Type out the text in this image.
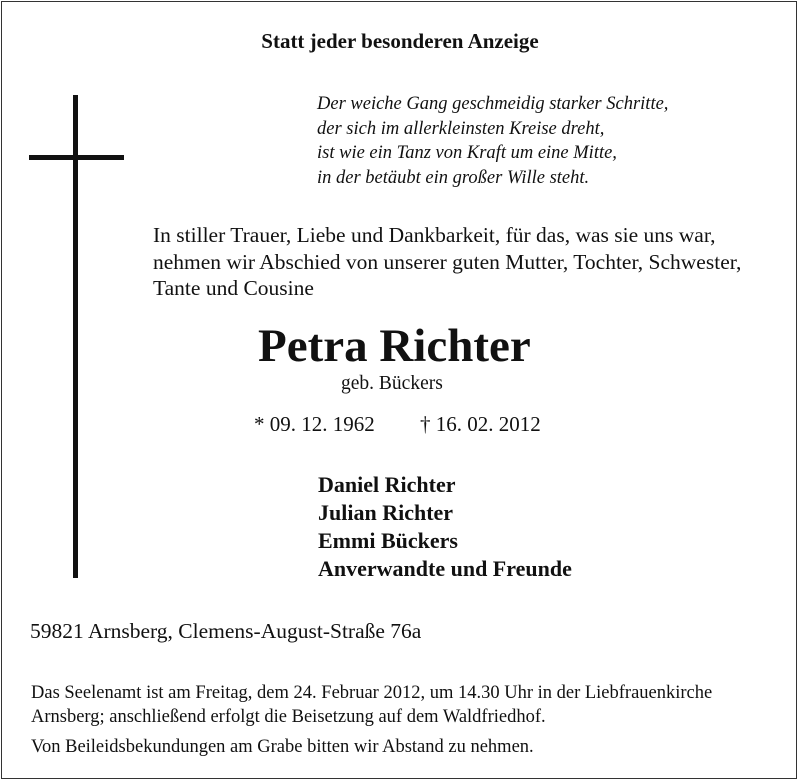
Statt jeder besonderen Anzeige
Der weiche Gang geschmeidig starker Schritte,
der sich im allerkleinsten Kreise dreht,
ist wie ein Tanz von Kraft um eine Mitte,
in der betäubt ein großer Wille steht.
In stiller Trauer, Liebe und Dankbarkeit, für das, was sie uns war,
nehmen wir Abschied von unserer guten Mutter, Tochter, Schwester,
Tante und Cousine
Petra Richter
geb. Bückers
* 09. 12. 1962 † 16. 02. 2012
Daniel Richter
Julian Richter
Emmi Bückers
Anverwandte und Freunde
59821 Arnsberg, Clemens-August-Straße 76a
Das Seelenamt ist am Freitag, dem 24. Februar 2012, um 14.30 Uhr in der Liebfrauenkirche
Arnsberg; anschließend erfolgt die Beisetzung auf dem Waldfriedhof.
Von Beileidsbekundungen am Grabe bitten wir Abstand zu nehmen.
